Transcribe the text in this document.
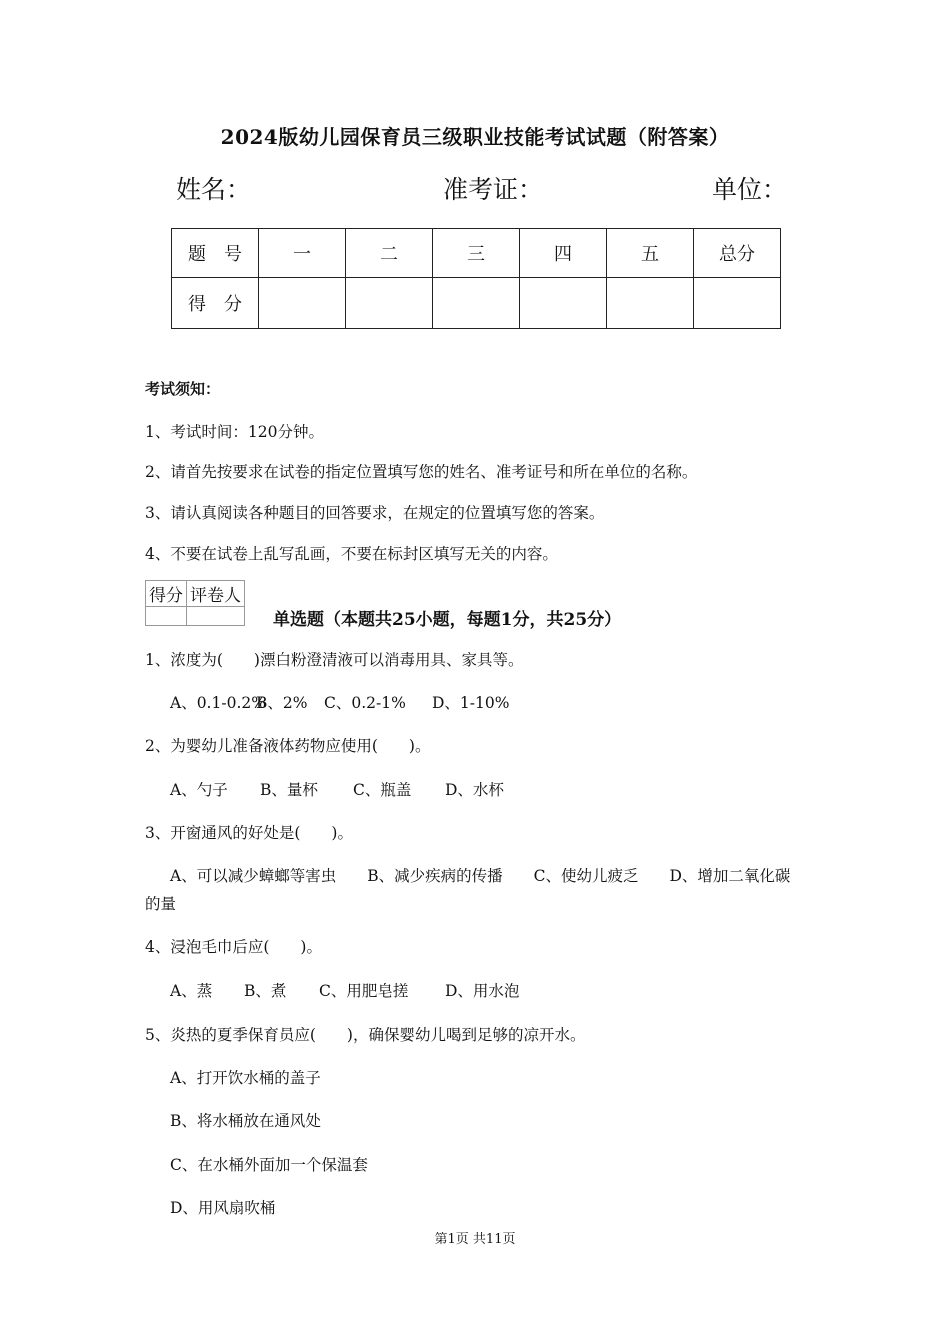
2024版幼儿园保育员三级职业技能考试试题（附答案）
姓名：	准考证：	单位：
题　号	一	二	三	四	五	总分
得　分						
考试须知：
1、考试时间：120分钟。
2、请首先按要求在试卷的指定位置填写您的姓名、准考证号和所在单位的名称。
3、请认真阅读各种题目的回答要求，在规定的位置填写您的答案。
4、不要在试卷上乱写乱画，不要在标封区填写无关的内容。
得分	评卷人

单选题（本题共25小题，每题1分，共25分）
1、浓度为(　　)漂白粉澄清液可以消毒用具、家具等。
A、0.1-0.2%B、2% C、0.2-1% D、1-10%
2、为婴幼儿准备液体药物应使用(　　)。
A、勺子 B、量杯 C、瓶盖 D、水杯
3、开窗通风的好处是(　　)。
A、可以减少蟑螂等害虫　　B、减少疾病的传播　　C、使幼儿疲乏　　D、增加二氧化碳
的量
4、浸泡毛巾后应(　　)。
A、蒸 B、煮 C、用肥皂搓 D、用水泡
5、炎热的夏季保育员应(　　)，确保婴幼儿喝到足够的凉开水。
A、打开饮水桶的盖子
B、将水桶放在通风处
C、在水桶外面加一个保温套
D、用风扇吹桶
第1页 共11页
